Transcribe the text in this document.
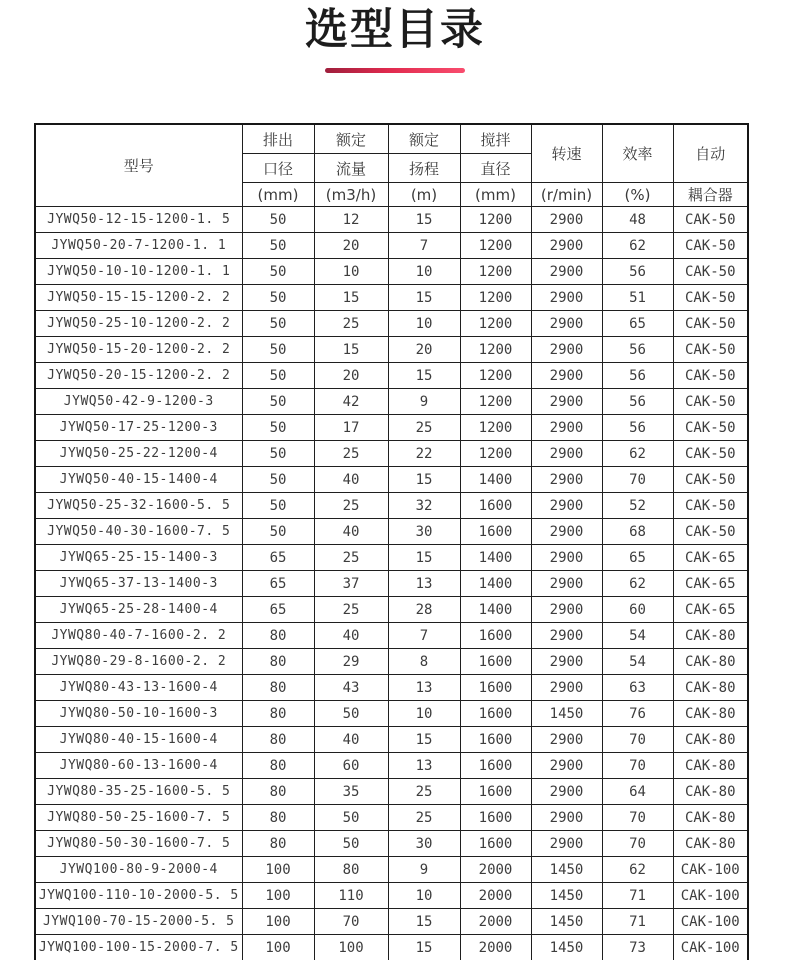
选型目录
型号	排出	额定	额定	搅拌	转速	效率	自动
	口径	流量	扬程	直径			
	(mm)	(m3/h)	(m)	(mm)	(r/min)	(%)	耦合器
JYWQ50-12-15-1200-1. 5	50	12	15	1200	2900	48	CAK-50
JYWQ50-20-7-1200-1. 1	50	20	7	1200	2900	62	CAK-50
JYWQ50-10-10-1200-1. 1	50	10	10	1200	2900	56	CAK-50
JYWQ50-15-15-1200-2. 2	50	15	15	1200	2900	51	CAK-50
JYWQ50-25-10-1200-2. 2	50	25	10	1200	2900	65	CAK-50
JYWQ50-15-20-1200-2. 2	50	15	20	1200	2900	56	CAK-50
JYWQ50-20-15-1200-2. 2	50	20	15	1200	2900	56	CAK-50
JYWQ50-42-9-1200-3	50	42	9	1200	2900	56	CAK-50
JYWQ50-17-25-1200-3	50	17	25	1200	2900	56	CAK-50
JYWQ50-25-22-1200-4	50	25	22	1200	2900	62	CAK-50
JYWQ50-40-15-1400-4	50	40	15	1400	2900	70	CAK-50
JYWQ50-25-32-1600-5. 5	50	25	32	1600	2900	52	CAK-50
JYWQ50-40-30-1600-7. 5	50	40	30	1600	2900	68	CAK-50
JYWQ65-25-15-1400-3	65	25	15	1400	2900	65	CAK-65
JYWQ65-37-13-1400-3	65	37	13	1400	2900	62	CAK-65
JYWQ65-25-28-1400-4	65	25	28	1400	2900	60	CAK-65
JYWQ80-40-7-1600-2. 2	80	40	7	1600	2900	54	CAK-80
JYWQ80-29-8-1600-2. 2	80	29	8	1600	2900	54	CAK-80
JYWQ80-43-13-1600-4	80	43	13	1600	2900	63	CAK-80
JYWQ80-50-10-1600-3	80	50	10	1600	1450	76	CAK-80
JYWQ80-40-15-1600-4	80	40	15	1600	2900	70	CAK-80
JYWQ80-60-13-1600-4	80	60	13	1600	2900	70	CAK-80
JYWQ80-35-25-1600-5. 5	80	35	25	1600	2900	64	CAK-80
JYWQ80-50-25-1600-7. 5	80	50	25	1600	2900	70	CAK-80
JYWQ80-50-30-1600-7. 5	80	50	30	1600	2900	70	CAK-80
JYWQ100-80-9-2000-4	100	80	9	2000	1450	62	CAK-100
JYWQ100-110-10-2000-5. 5	100	110	10	2000	1450	71	CAK-100
JYWQ100-70-15-2000-5. 5	100	70	15	2000	1450	71	CAK-100
JYWQ100-100-15-2000-7. 5	100	100	15	2000	1450	73	CAK-100
